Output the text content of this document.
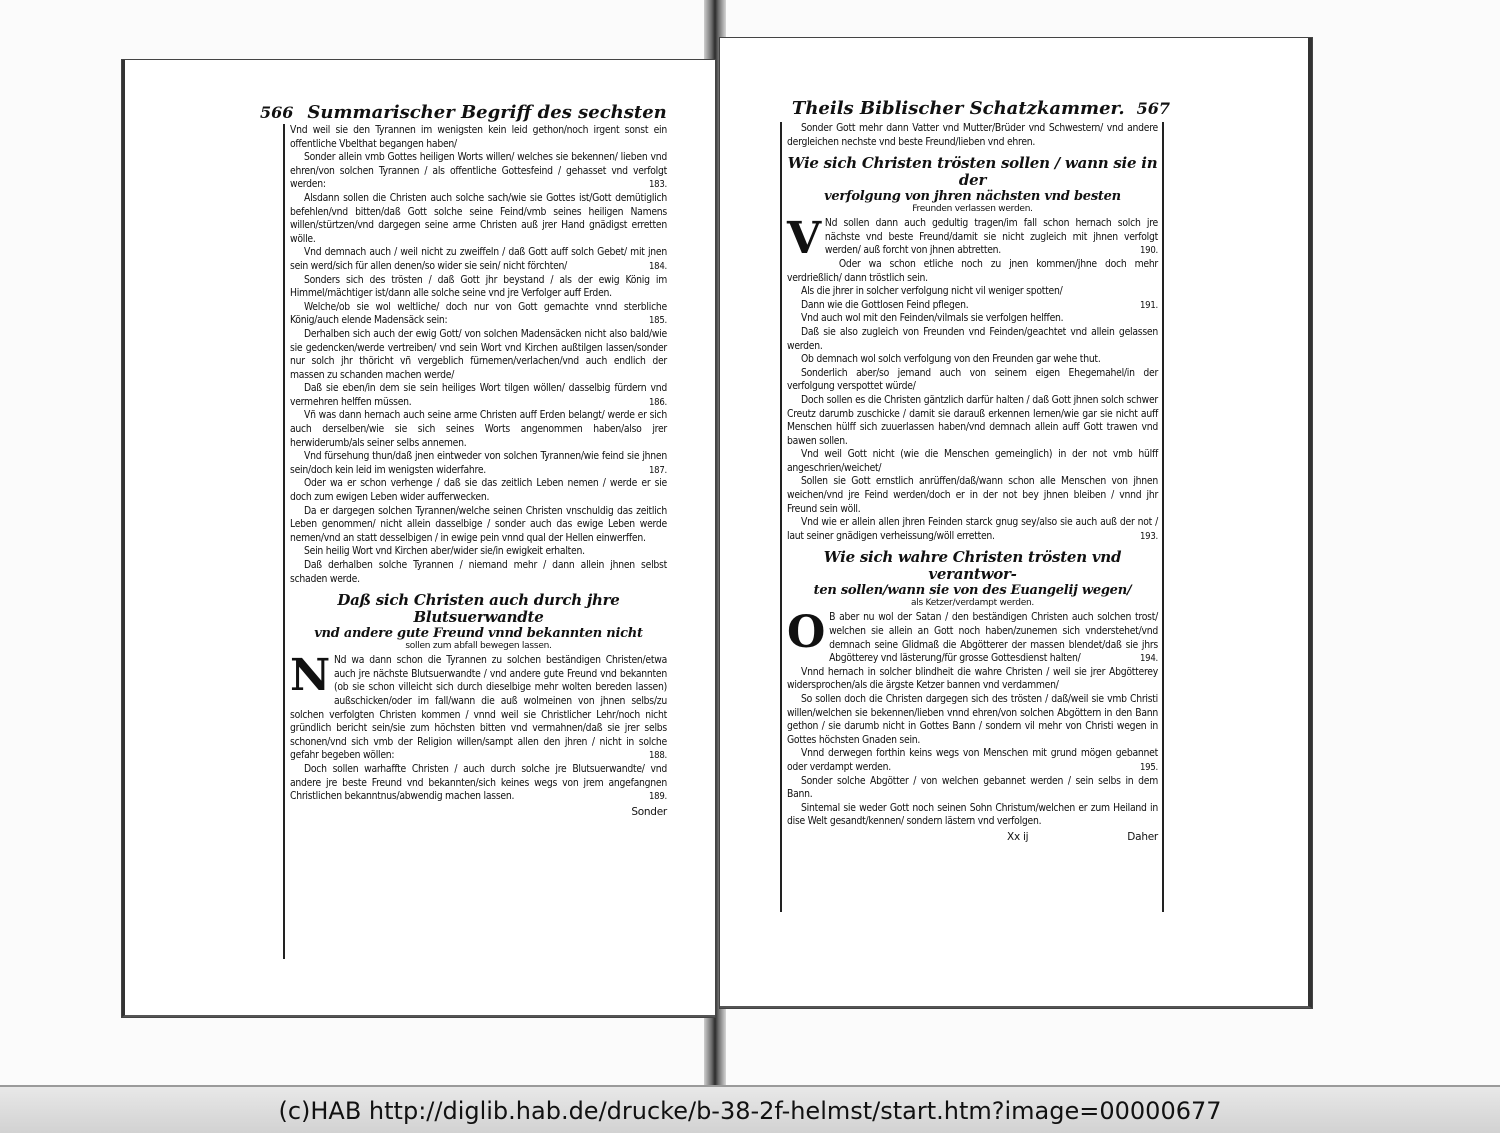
566 Summarischer Begriff des sechsten
Vnd weil sie den Tyrannen im wenigsten kein leid gethon/noch irgent sonst ein offentliche Vbelthat begangen haben/
Sonder allein vmb Gottes heiligen Worts willen/ welches sie bekennen/ lieben vnd ehren/von solchen Tyrannen / als offentliche Gottesfeind / gehasset vnd verfolgt werden:	183.
Alsdann sollen die Christen auch solche sach/wie sie Gottes ist/Gott demütiglich befehlen/vnd bitten/daß Gott solche seine Feind/vmb seines heiligen Namens willen/stürtzen/vnd dargegen seine arme Christen auß jrer Hand gnädigst erretten wölle.
Vnd demnach auch / weil nicht zu zweiffeln / daß Gott auff solch Gebet/ mit jnen sein werd/sich für allen denen/so wider sie sein/ nicht förchten/	184.
Sonders sich des trösten / daß Gott jhr beystand / als der ewig König im Himmel/mächtiger ist/dann alle solche seine vnd jre Verfolger auff Erden.
Welche/ob sie wol weltliche/ doch nur von Gott gemachte vnnd sterbliche König/auch elende Madensäck sein:	185.
Derhalben sich auch der ewig Gott/ von solchen Madensäcken nicht also bald/wie sie gedencken/werde vertreiben/ vnd sein Wort vnd Kirchen außtilgen lassen/sonder nur solch jhr thöricht vñ vergeblich fürnemen/verlachen/vnd auch endlich der massen zu schanden machen werde/
Daß sie eben/in dem sie sein heiliges Wort tilgen wöllen/ dasselbig fürdern vnd vermehren helffen müssen.	186.
Vñ was dann hernach auch seine arme Christen auff Erden belangt/ werde er sich auch derselben/wie sie sich seines Worts angenommen haben/also jrer herwiderumb/als seiner selbs annemen.
Vnd fürsehung thun/daß jnen eintweder von solchen Tyrannen/wie feind sie jhnen sein/doch kein leid im wenigsten widerfahre.	187.
Oder wa er schon verhenge / daß sie das zeitlich Leben nemen / werde er sie doch zum ewigen Leben wider aufferwecken.
Da er dargegen solchen Tyrannen/welche seinen Christen vnschuldig das zeitlich Leben genommen/ nicht allein dasselbige / sonder auch das ewige Leben werde nemen/vnd an statt desselbigen / in ewige pein vnnd qual der Hellen einwerffen.
Sein heilig Wort vnd Kirchen aber/wider sie/in ewigkeit erhalten.
Daß derhalben solche Tyrannen / niemand mehr / dann allein jhnen selbst schaden werde.
Daß sich Christen auch durch jhre Blutsuerwandte
vnd andere gute Freund vnnd bekannten nicht
sollen zum abfall bewegen lassen.
N Nd wa dann schon die Tyrannen zu solchen beständigen Christen/etwa auch jre nächste Blutsuerwandte / vnd andere gute Freund vnd bekannten (ob sie schon villeicht sich durch dieselbige mehr wolten bereden lassen) außschicken/oder im fall/wann die auß wolmeinen von jhnen selbs/zu solchen verfolgten Christen kommen / vnnd weil sie Christlicher Lehr/noch nicht gründlich bericht sein/sie zum höchsten bitten vnd vermahnen/daß sie jrer selbs schonen/vnd sich vmb der Religion willen/sampt allen den jhren / nicht in solche gefahr begeben wöllen:	188.
Doch sollen warhaffte Christen / auch durch solche jre Blutsuerwandte/ vnd andere jre beste Freund vnd bekannten/sich keines wegs von jrem angefangnen Christlichen bekanntnus/abwendig machen lassen.	189.
Sonder
Theils Biblischer Schatzkammer. 567
Sonder Gott mehr dann Vatter vnd Mutter/Brüder vnd Schwestern/ vnd andere dergleichen nechste vnd beste Freund/lieben vnd ehren.
Wie sich Christen trösten sollen / wann sie in der
verfolgung von jhren nächsten vnd besten
Freunden verlassen werden.
V Nd sollen dann auch gedultig tragen/im fall schon hernach solch jre nächste vnd beste Freund/damit sie nicht zugleich mit jhnen verfolgt werden/ auß forcht von jhnen abtretten.	190.
Oder wa schon etliche noch zu jnen kommen/jhne doch mehr verdrießlich/ dann tröstlich sein.
Als die jhrer in solcher verfolgung nicht vil weniger spotten/
Dann wie die Gottlosen Feind pflegen.	191.
Vnd auch wol mit den Feinden/vilmals sie verfolgen helffen.
Daß sie also zugleich von Freunden vnd Feinden/geachtet vnd allein gelassen werden.
Ob demnach wol solch verfolgung von den Freunden gar wehe thut.
Sonderlich aber/so jemand auch von seinem eigen Ehegemahel/in der verfolgung verspottet würde/
Doch sollen es die Christen gäntzlich darfür halten / daß Gott jhnen solch schwer Creutz darumb zuschicke / damit sie darauß erkennen lernen/wie gar sie nicht auff Menschen hülff sich zuuerlassen haben/vnd demnach allein auff Gott trawen vnd bawen sollen.
Vnd weil Gott nicht (wie die Menschen gemeinglich) in der not vmb hülff angeschrien/weichet/
Sollen sie Gott ernstlich anrüffen/daß/wann schon alle Menschen von jhnen weichen/vnd jre Feind werden/doch er in der not bey jhnen bleiben / vnnd jhr Freund sein wöll.
Vnd wie er allein allen jhren Feinden starck gnug sey/also sie auch auß der not / laut seiner gnädigen verheissung/wöll erretten.	193.
Wie sich wahre Christen trösten vnd verantwor-
ten sollen/wann sie von des Euangelij wegen/
als Ketzer/verdampt werden.
O B aber nu wol der Satan / den beständigen Christen auch solchen trost/ welchen sie allein an Gott noch haben/zunemen sich vnderstehet/vnd demnach seine Glidmaß die Abgötterer der massen blendet/daß sie jhrs Abgötterey vnd lästerung/für grosse Gottesdienst halten/	194.
Vnnd hernach in solcher blindheit die wahre Christen / weil sie jrer Abgötterey widersprochen/als die ärgste Ketzer bannen vnd verdammen/
So sollen doch die Christen dargegen sich des trösten / daß/weil sie vmb Christi willen/welchen sie bekennen/lieben vnnd ehren/von solchen Abgöttern in den Bann gethon / sie darumb nicht in Gottes Bann / sondern vil mehr von Christi wegen in Gottes höchsten Gnaden sein.
Vnnd derwegen forthin keins wegs von Menschen mit grund mögen gebannet oder verdampt werden.	195.
Sonder solche Abgötter / von welchen gebannet werden / sein selbs in dem Bann.
Sintemal sie weder Gott noch seinen Sohn Christum/welchen er zum Heiland in dise Welt gesandt/kennen/ sondern lästern vnd verfolgen.
Xx ij	Daher
(c)HAB http://diglib.hab.de/drucke/b-38-2f-helmst/start.htm?image=00000677
